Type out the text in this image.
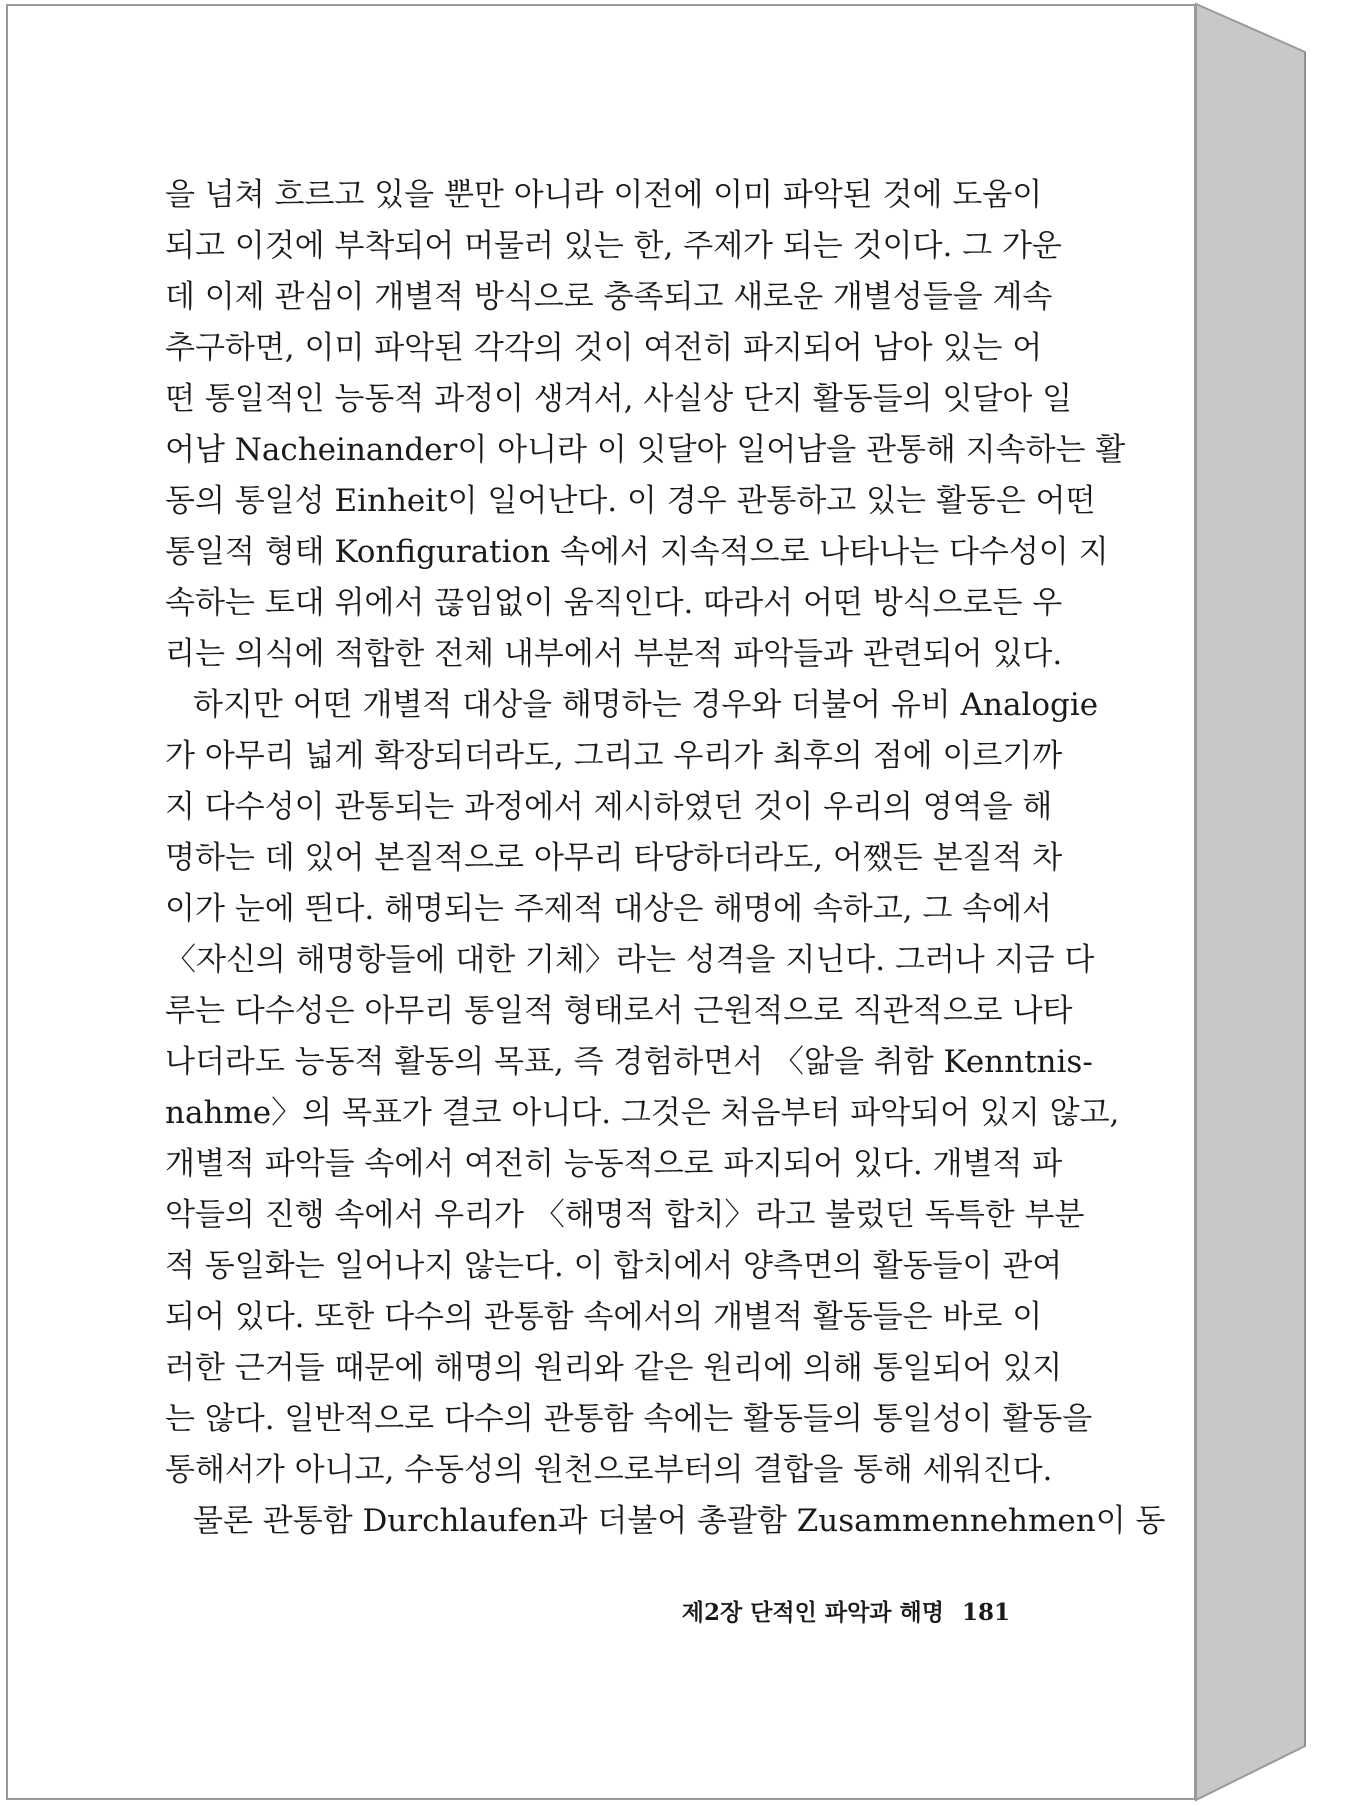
을 넘쳐 흐르고 있을 뿐만 아니라 이전에 이미 파악된 것에 도움이
되고 이것에 부착되어 머물러 있는 한, 주제가 되는 것이다. 그 가운
데 이제 관심이 개별적 방식으로 충족되고 새로운 개별성들을 계속
추구하면, 이미 파악된 각각의 것이 여전히 파지되어 남아 있는 어
떤 통일적인 능동적 과정이 생겨서, 사실상 단지 활동들의 잇달아 일
어남 Nacheinander이 아니라 이 잇달아 일어남을 관통해 지속하는 활
동의 통일성 Einheit이 일어난다. 이 경우 관통하고 있는 활동은 어떤
통일적 형태 Konfiguration 속에서 지속적으로 나타나는 다수성이 지
속하는 토대 위에서 끊임없이 움직인다. 따라서 어떤 방식으로든 우
리는 의식에 적합한 전체 내부에서 부분적 파악들과 관련되어 있다.
하지만 어떤 개별적 대상을 해명하는 경우와 더불어 유비 Analogie
가 아무리 넓게 확장되더라도, 그리고 우리가 최후의 점에 이르기까
지 다수성이 관통되는 과정에서 제시하였던 것이 우리의 영역을 해
명하는 데 있어 본질적으로 아무리 타당하더라도, 어쨌든 본질적 차
이가 눈에 띈다. 해명되는 주제적 대상은 해명에 속하고, 그 속에서
〈자신의 해명항들에 대한 기체〉라는 성격을 지닌다. 그러나 지금 다
루는 다수성은 아무리 통일적 형태로서 근원적으로 직관적으로 나타
나더라도 능동적 활동의 목표, 즉 경험하면서 〈앎을 취함 Kenntnis-
nahme〉의 목표가 결코 아니다. 그것은 처음부터 파악되어 있지 않고,
개별적 파악들 속에서 여전히 능동적으로 파지되어 있다. 개별적 파
악들의 진행 속에서 우리가 〈해명적 합치〉라고 불렀던 독특한 부분
적 동일화는 일어나지 않는다. 이 합치에서 양측면의 활동들이 관여
되어 있다. 또한 다수의 관통함 속에서의 개별적 활동들은 바로 이
러한 근거들 때문에 해명의 원리와 같은 원리에 의해 통일되어 있지
는 않다. 일반적으로 다수의 관통함 속에는 활동들의 통일성이 활동을
통해서가 아니고, 수동성의 원천으로부터의 결합을 통해 세워진다.
물론 관통함 Durchlaufen과 더불어 총괄함 Zusammennehmen이 동
제2장 단적인 파악과 해명 181
